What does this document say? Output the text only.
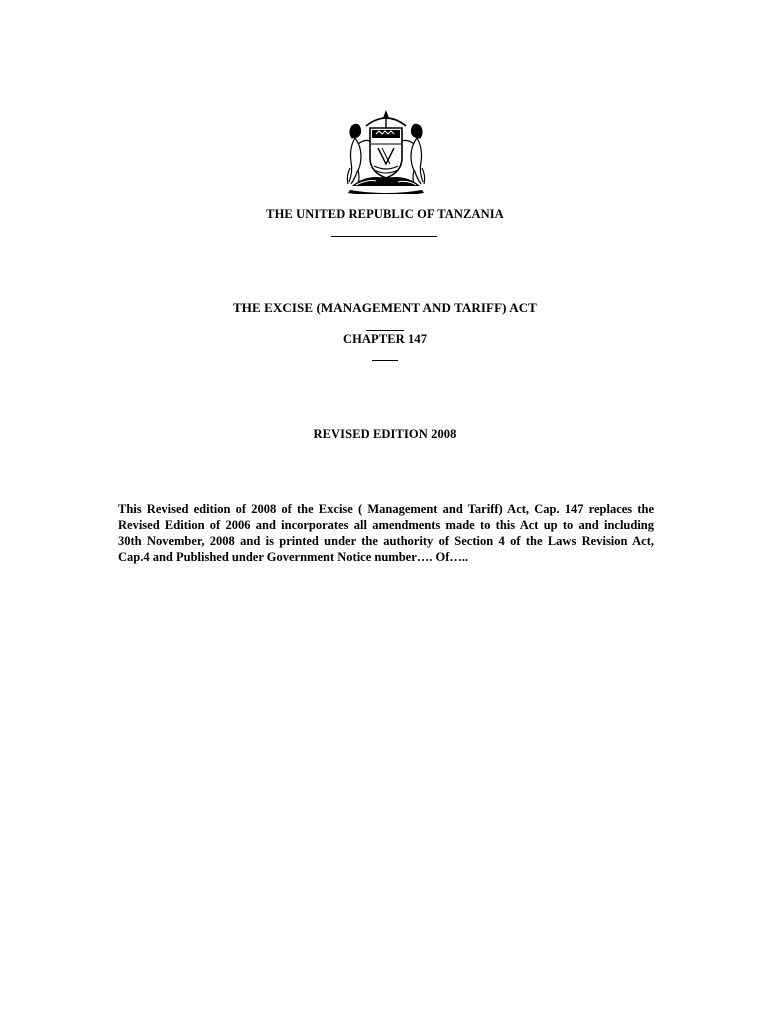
THE UNITED REPUBLIC OF TANZANIA
THE EXCISE (MANAGEMENT AND TARIFF) ACT
CHAPTER 147
REVISED EDITION 2008
This Revised edition of 2008 of the Excise ( Management and Tariff) Act, Cap. 147 replaces the
Revised Edition of 2006 and incorporates all amendments made to this Act up to and including
30th November, 2008 and is printed under the authority of Section 4 of the Laws Revision Act,
Cap.4 and Published under Government Notice number…. Of…..
